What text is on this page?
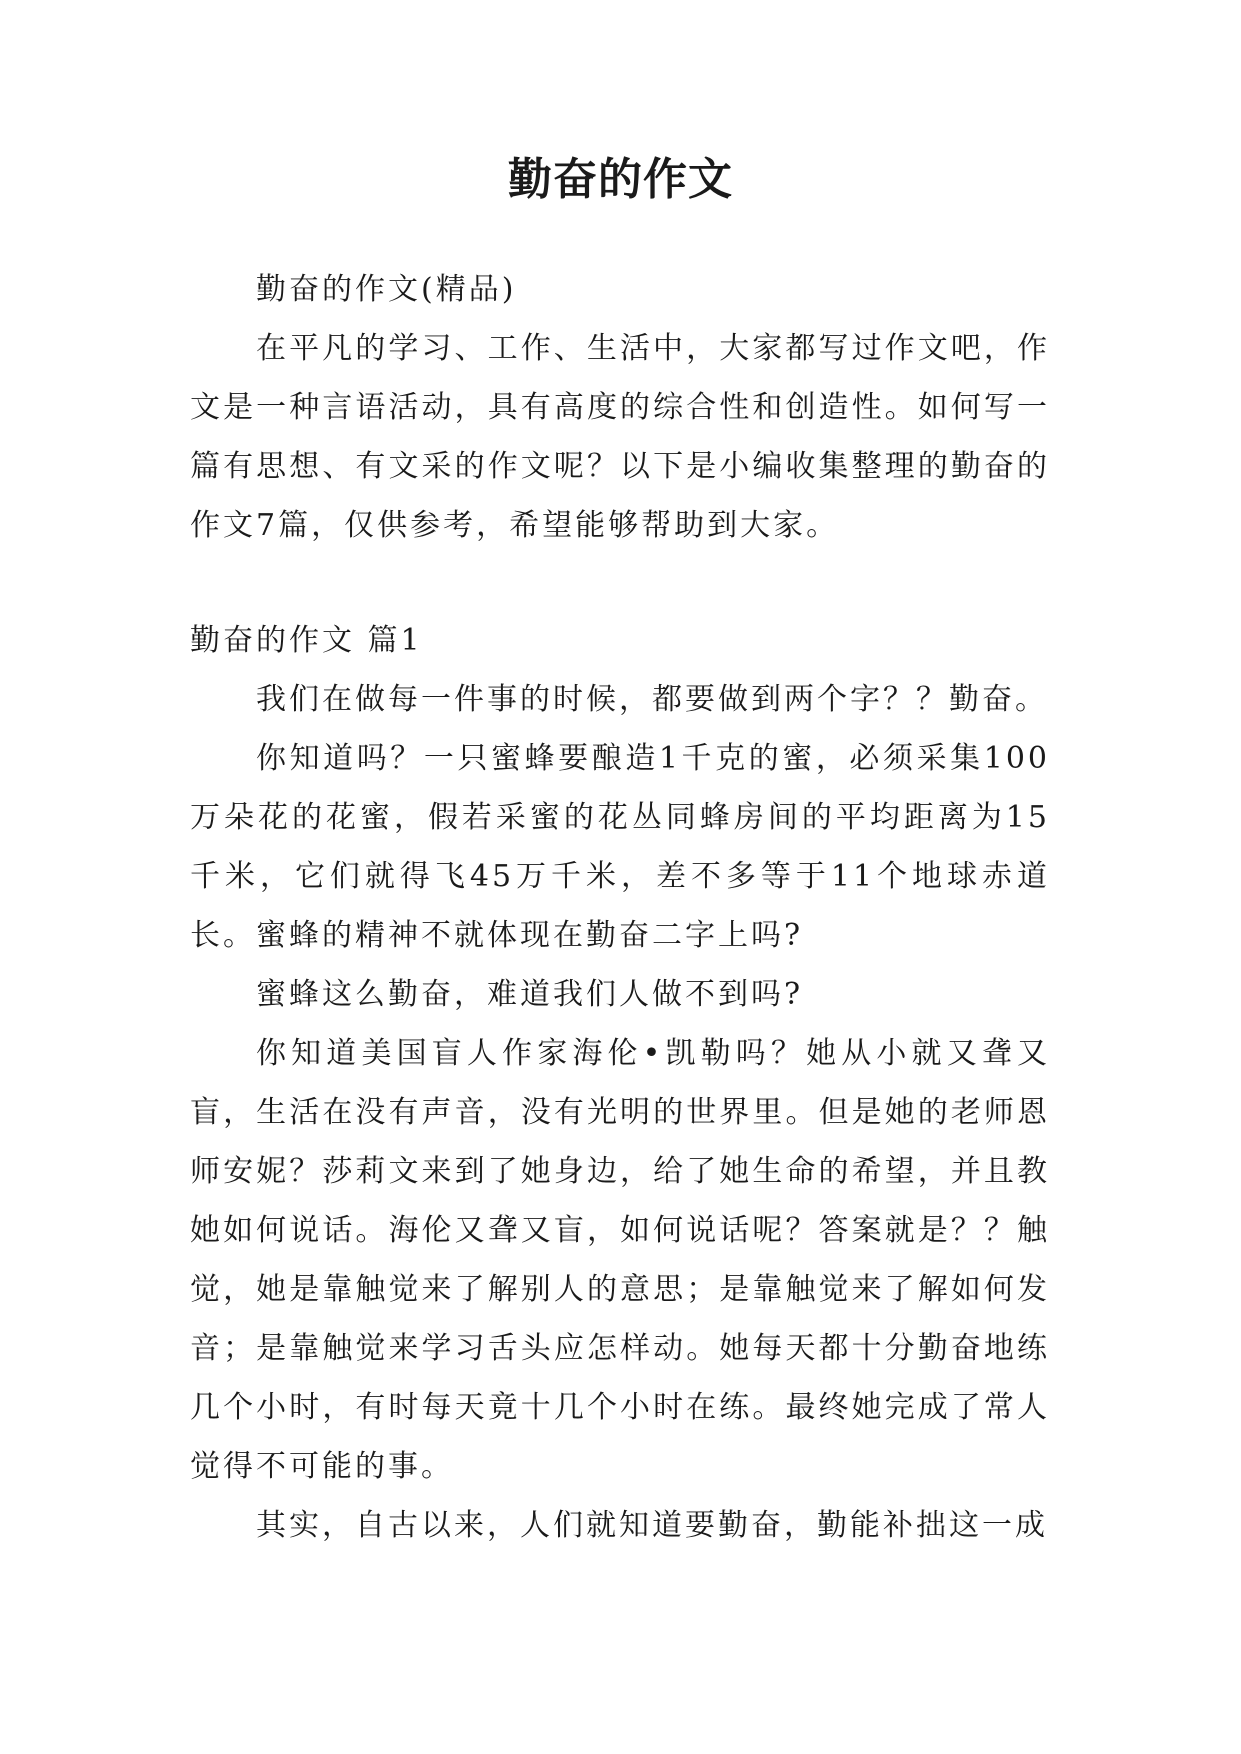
勤奋的作文

勤奋的作文(精品)

在平凡的学习、工作、生活中，大家都写过作文吧，作文是一种言语活动，具有高度的综合性和创造性。如何写一篇有思想、有文采的作文呢？以下是小编收集整理的勤奋的作文7篇，仅供参考，希望能够帮助到大家。

勤奋的作文 篇1

我们在做每一件事的时候，都要做到两个字？？勤奋。

你知道吗？一只蜜蜂要酿造1千克的蜜，必须采集100万朵花的花蜜，假若采蜜的花丛同蜂房间的平均距离为15千米，它们就得飞45万千米，差不多等于11个地球赤道长。蜜蜂的精神不就体现在勤奋二字上吗?

蜜蜂这么勤奋，难道我们人做不到吗?

你知道美国盲人作家海伦•凯勒吗？她从小就又聋又盲，生活在没有声音，没有光明的世界里。但是她的老师恩师安妮？莎莉文来到了她身边，给了她生命的希望，并且教她如何说话。海伦又聋又盲，如何说话呢？答案就是？？触觉，她是靠触觉来了解别人的意思；是靠触觉来了解如何发音；是靠触觉来学习舌头应怎样动。她每天都十分勤奋地练几个小时，有时每天竟十几个小时在练。最终她完成了常人觉得不可能的事。

其实，自古以来，人们就知道要勤奋，勤能补拙这一成
